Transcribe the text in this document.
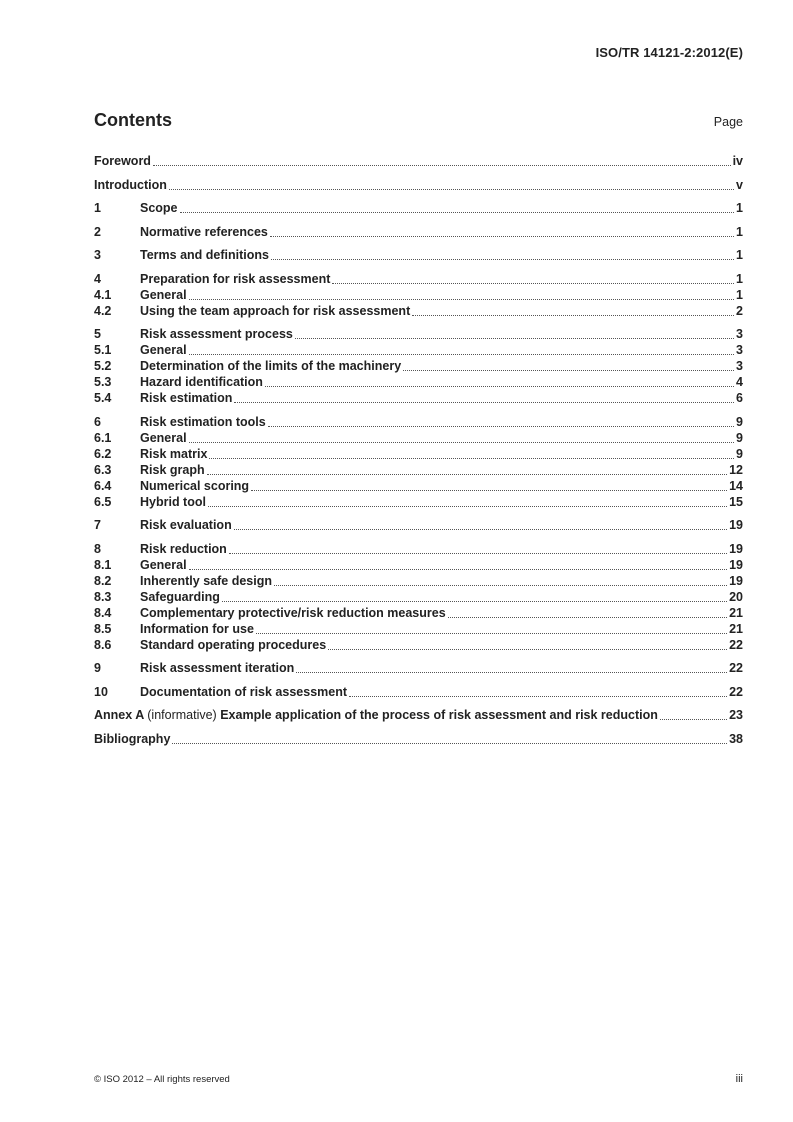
ISO/TR 14121-2:2012(E)
Contents	Page
Foreword	iv
Introduction	v
1	Scope	1
2	Normative references	1
3	Terms and definitions	1
4	Preparation for risk assessment	1
4.1	General	1
4.2	Using the team approach for risk assessment	2
5	Risk assessment process	3
5.1	General	3
5.2	Determination of the limits of the machinery	3
5.3	Hazard identification	4
5.4	Risk estimation	6
6	Risk estimation tools	9
6.1	General	9
6.2	Risk matrix	9
6.3	Risk graph	12
6.4	Numerical scoring	14
6.5	Hybrid tool	15
7	Risk evaluation	19
8	Risk reduction	19
8.1	General	19
8.2	Inherently safe design	19
8.3	Safeguarding	20
8.4	Complementary protective/risk reduction measures	21
8.5	Information for use	21
8.6	Standard operating procedures	22
9	Risk assessment iteration	22
10	Documentation of risk assessment	22
Annex A (informative) Example application of the process of risk assessment and risk reduction	23
Bibliography	38
© ISO 2012 – All rights reserved	iii
